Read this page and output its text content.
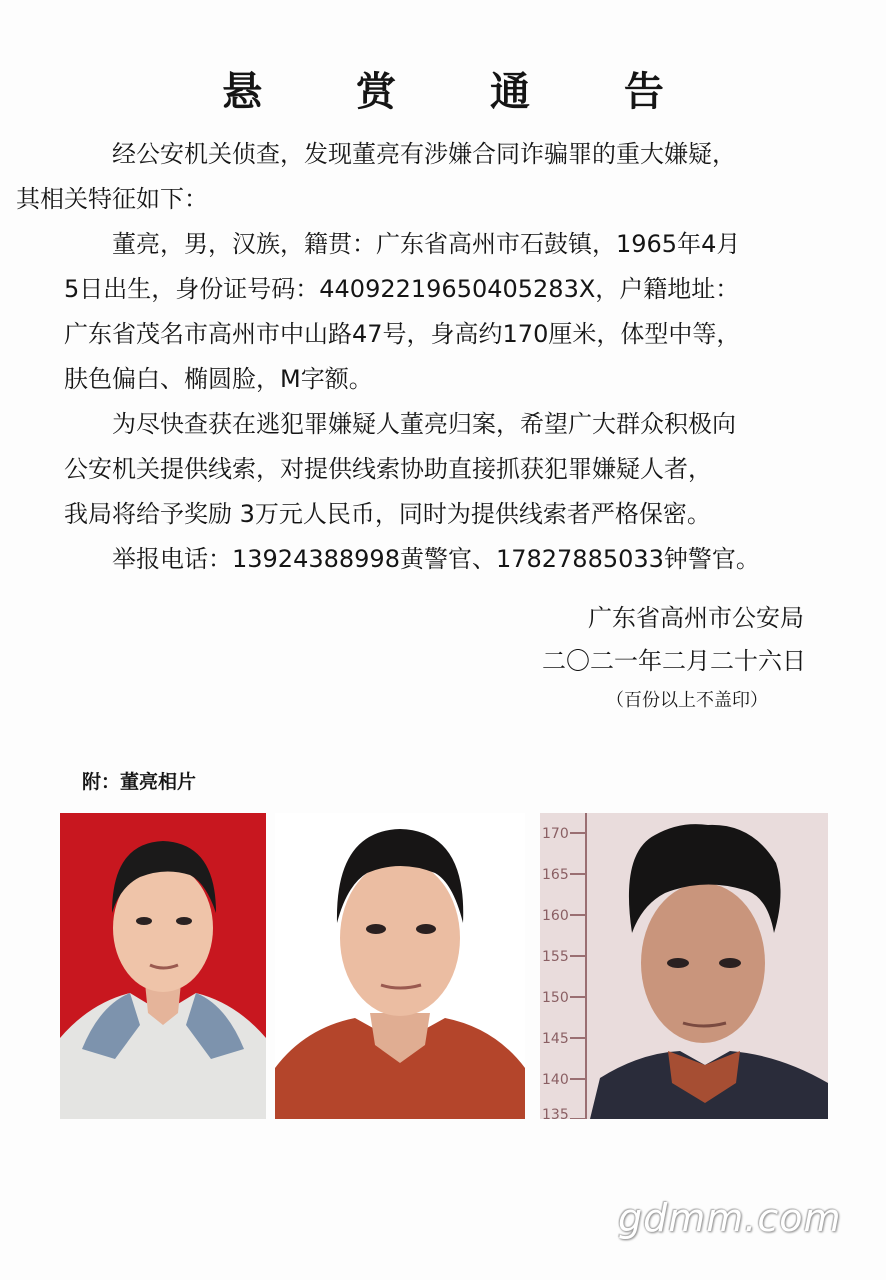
悬 赏 通 告

经公安机关侦查，发现董亮有涉嫌合同诈骗罪的重大嫌疑，
其相关特征如下：

董亮，男，汉族，籍贯：广东省高州市石鼓镇，1965年4月
5日出生，身份证号码：44092219650405283X，户籍地址：
广东省茂名市高州市中山路47号，身高约170厘米，体型中等，
肤色偏白、椭圆脸，M字额。

为尽快查获在逃犯罪嫌疑人董亮归案，希望广大群众积极向
公安机关提供线索，对提供线索协助直接抓获犯罪嫌疑人者，
我局将给予奖励 3万元人民币，同时为提供线索者严格保密。

举报电话：13924388998黄警官、17827885033钟警官。

广东省高州市公安局
二〇二一年二月二十六日
（百份以上不盖印）
附：董亮相片
170
165
160
155
150
145
140
135
gdmm.com
